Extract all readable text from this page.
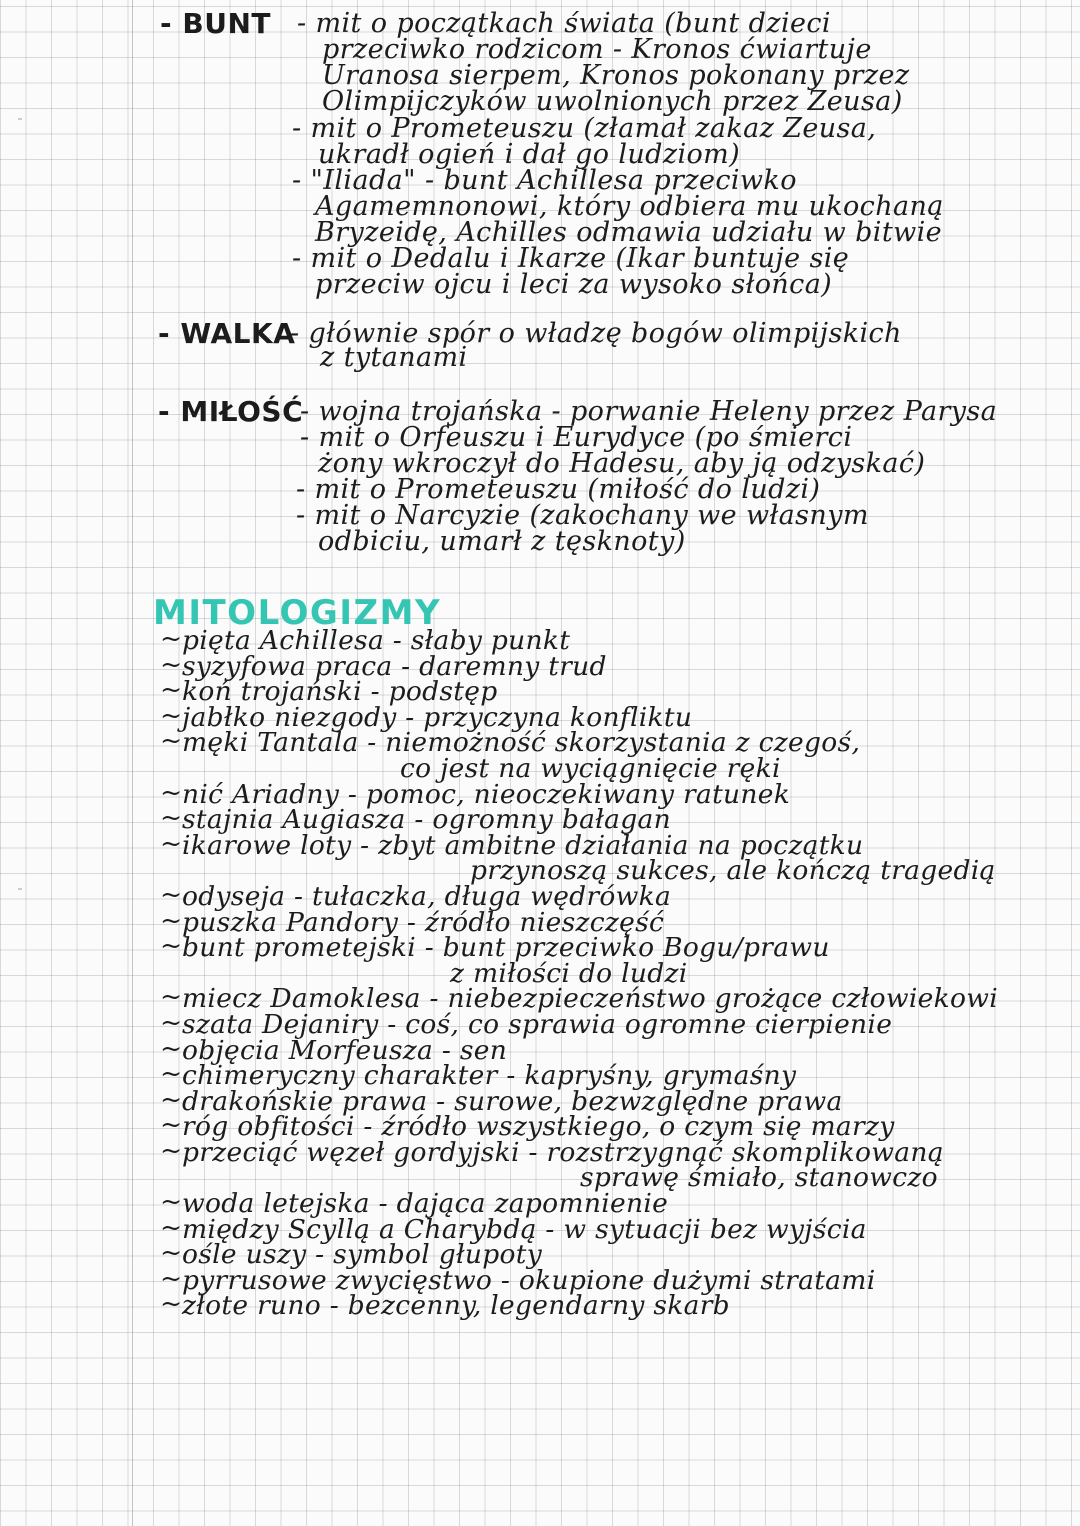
- BUNT - mit o początkach świata (bunt dzieci
przeciwko rodzicom - Kronos ćwiartuje
Uranosa sierpem, Kronos pokonany przez
Olimpijczyków uwolnionych przez Zeusa)
- mit o Prometeuszu (złamał zakaz Zeusa,
ukradł ogień i dał go ludziom)
- "Iliada" - bunt Achillesa przeciwko
Agamemnonowi, który odbiera mu ukochaną
Bryzeidę, Achilles odmawia udziału w bitwie
- mit o Dedalu i Ikarze (Ikar buntuje się
przeciw ojcu i leci za wysoko słońca)
- WALKA
- głównie spór o władzę bogów olimpijskich
z tytanami
- MIŁOŚĆ
- wojna trojańska - porwanie Heleny przez Parysa
- mit o Orfeuszu i Eurydyce (po śmierci
żony wkroczył do Hadesu, aby ją odzyskać)
- mit o Prometeuszu (miłość do ludzi)
- mit o Narcyzie (zakochany we własnym
odbiciu, umarł z tęsknoty)
MITOLOGIZMY
~ pięta Achillesa - słaby punkt
~ syzyfowa praca - daremny trud
~ koń trojański - podstęp
~ jabłko niezgody - przyczyna konfliktu
~ męki Tantala - niemożność skorzystania z czegoś,
co jest na wyciągnięcie ręki
~ nić Ariadny - pomoc, nieoczekiwany ratunek
~ stajnia Augiasza - ogromny bałagan
~ ikarowe loty - zbyt ambitne działania na początku
przynoszą sukces, ale kończą tragedią
~ odyseja - tułaczka, długa wędrówka
~ puszka Pandory - źródło nieszczęść
~ bunt prometejski - bunt przeciwko Bogu/prawu
z miłości do ludzi
~ miecz Damoklesa - niebezpieczeństwo grożące człowiekowi
~ szata Dejaniry - coś, co sprawia ogromne cierpienie
~ objęcia Morfeusza - sen
~ chimeryczny charakter - kapryśny, grymaśny
~ drakońskie prawa - surowe, bezwzględne prawa
~ róg obfitości - źródło wszystkiego, o czym się marzy
~ przeciąć węzeł gordyjski - rozstrzygnąć skomplikowaną
sprawę śmiało, stanowczo
~ woda letejska - dająca zapomnienie
~ między Scyllą a Charybdą - w sytuacji bez wyjścia
~ ośle uszy - symbol głupoty
~ pyrrusowe zwycięstwo - okupione dużymi stratami
~ złote runo - bezcenny, legendarny skarb
